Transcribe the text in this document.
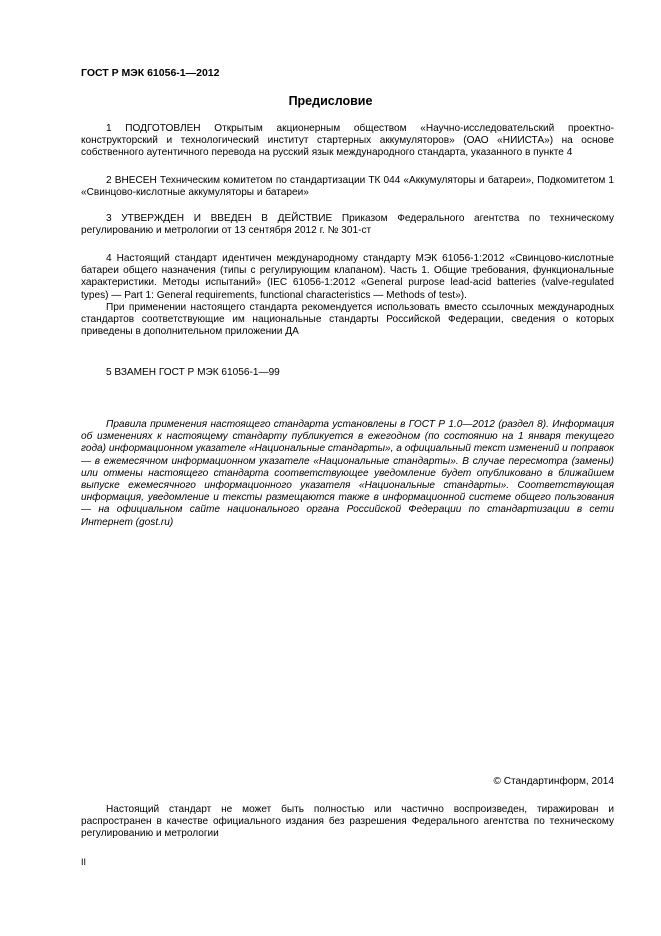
ГОСТ Р МЭК 61056-1—2012
Предисловие

1 ПОДГОТОВЛЕН Открытым акционерным обществом «Научно-исследовательский проектно-конструкторский и технологический институт стартерных аккумуляторов» (ОАО «НИИСТА») на основе собственного аутентичного перевода на русский язык международного стандарта, указанного в пункте 4

2 ВНЕСЕН Техническим комитетом по стандартизации ТК 044 «Аккумуляторы и батареи», Подкомитетом 1 «Свинцово-кислотные аккумуляторы и батареи»

3 УТВЕРЖДЕН И ВВЕДЕН В ДЕЙСТВИЕ Приказом Федерального агентства по техническому регулированию и метрологии от 13 сентября 2012 г. № 301-ст

4 Настоящий стандарт идентичен международному стандарту МЭК 61056-1:2012 «Свинцово-кислотные батареи общего назначения (типы с регулирующим клапаном). Часть 1. Общие требования, функциональные характеристики. Методы испытаний» (IEC 61056-1:2012 «General purpose lead-acid batteries (valve-regulated types) — Part 1: General requirements, functional characteristics — Methods of test»).

При применении настоящего стандарта рекомендуется использовать вместо ссылочных международных стандартов соответствующие им национальные стандарты Российской Федерации, сведения о которых приведены в дополнительном приложении ДА

5 ВЗАМЕН ГОСТ Р МЭК 61056-1—99

Правила применения настоящего стандарта установлены в ГОСТ Р 1.0—2012 (раздел 8). Информация об изменениях к настоящему стандарту публикуется в ежегодном (по состоянию на 1 января текущего года) информационном указателе «Национальные стандарты», а официальный текст изменений и поправок — в ежемесячном информационном указателе «Национальные стандарты». В случае пересмотра (замены) или отмены настоящего стандарта соответствующее уведомление будет опубликовано в ближайшем выпуске ежемесячного информационного указателя «Национальные стандарты». Соответствующая информация, уведомление и тексты размещаются также в информационной системе общего пользования — на официальном сайте национального органа Российской Федерации по стандартизации в сети Интернет (gost.ru)

© Стандартинформ, 2014

Настоящий стандарт не может быть полностью или частично воспроизведен, тиражирован и распространен в качестве официального издания без разрешения Федерального агентства по техническому регулированию и метрологии

II
